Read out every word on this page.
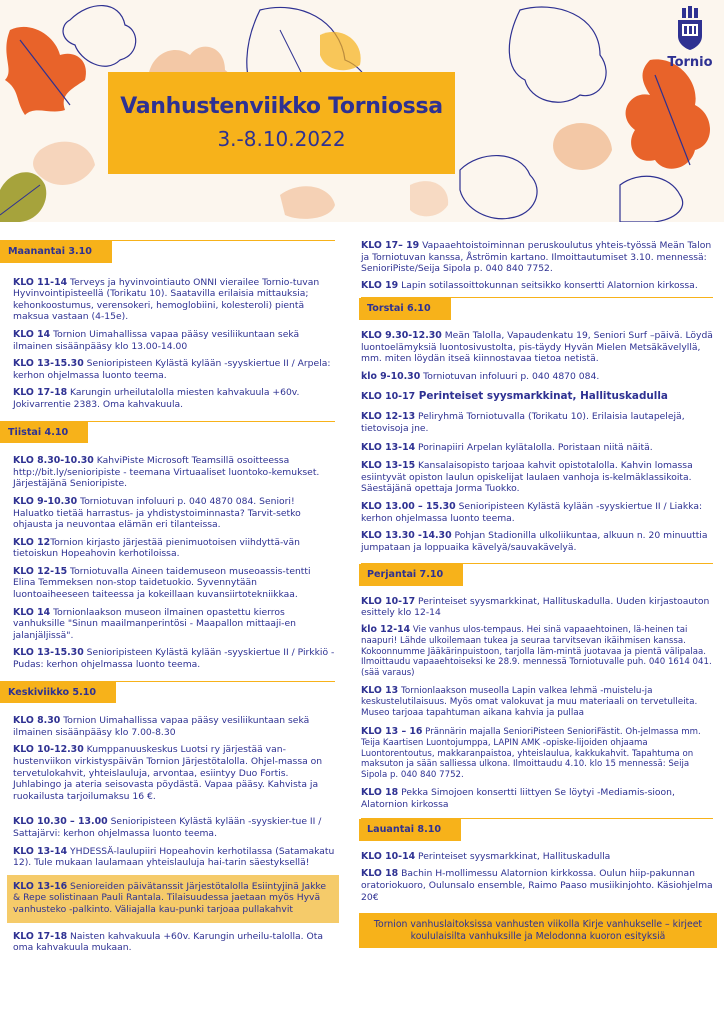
Vanhustenviikko Torniossa
3.-8.10.2022
Tornio
Maanantai 3.10

KLO 11-14 Terveys ja hyvinvointiauto ONNI vierailee Tornio-tuvan Hyvinvointipisteellä (Torikatu 10). Saatavilla erilaisia mittauksia; kehonkoostumus, verensokeri, hemoglobiini, kolesteroli) pientä maksua vastaan (4-15e).

KLO 14 Tornion Uimahallissa vapaa pääsy vesiliikuntaan sekä ilmainen sisäänpääsy klo 13.00-14.00

KLO 13-15.30 Senioripisteen Kylästä kylään -syyskiertue II / Arpela: kerhon ohjelmassa luonto teema.

KLO 17-18 Karungin urheilutalolla miesten kahvakuula +60v. Jokivarrentie 2383. Oma kahvakuula.

Tiistai 4.10

KLO 8.30-10.30 KahviPiste Microsoft Teamsillä osoitteessa http://bit.ly/senioripiste - teemana Virtuaaliset luontoko-kemukset. Järjestäjänä Senioripiste.

KLO 9-10.30 Torniotuvan infoluuri p. 040 4870 084. Seniori! Haluatko tietää harrastus- ja yhdistystoiminnasta? Tarvit-setko ohjausta ja neuvontaa elämän eri tilanteissa.

KLO 12Tornion kirjasto järjestää pienimuotoisen viihdyttä-vän tietoiskun Hopeahovin kerhotiloissa.

KLO 12-15 Torniotuvalla Aineen taidemuseon museoassis-tentti Elina Temmeksen non-stop taidetuokio. Syvennytään luontoaiheeseen taiteessa ja kokeillaan kuvansiirtotekniikkaa.

KLO 14 Tornionlaakson museon ilmainen opastettu kierros vanhuksille "Sinun maailmanperintösi - Maapallon mittaaji-en jalanjäljissä".

KLO 13-15.30 Senioripisteen Kylästä kylään -syyskiertue II / Pirkkiö - Pudas: kerhon ohjelmassa luonto teema.

Keskiviikko 5.10

KLO 8.30 Tornion Uimahallissa vapaa pääsy vesiliikuntaan sekä ilmainen sisäänpääsy klo 7.00-8.30

KLO 10-12.30 Kumppanuuskeskus Luotsi ry järjestää van-hustenviikon virkistyspäivän Tornion Järjestötalolla. Ohjel-massa on tervetulokahvit, yhteislauluja, arvontaa, esiintyy Duo Fortis. Juhlabingo ja ateria seisovasta pöydästä. Vapaa pääsy. Kahvista ja ruokailusta tarjoilumaksu 16 €.

KLO 10.30 – 13.00 Senioripisteen Kylästä kylään -syyskier-tue II / Sattajärvi: kerhon ohjelmassa luonto teema.

KLO 13-14 YHDESSÄ-laulupiiri Hopeahovin kerhotilassa (Satamakatu 12). Tule mukaan laulamaan yhteislauluja hai-tarin säestyksellä!

KLO 13-16 Senioreiden päivätanssit Järjestötalolla Esiintyjinä Jakke & Repe solistinaan Pauli Rantala. Tilaisuudessa jaetaan myös Hyvä vanhusteko -palkinto. Väliajalla kau-punki tarjoaa pullakahvit

KLO 17-18 Naisten kahvakuula +60v. Karungin urheilu-talolla. Ota oma kahvakuula mukaan.

KLO 17– 19 Vapaaehtoistoiminnan peruskoulutus yhteis-työssä Meän Talon ja Torniotuvan kanssa, Åströmin kartano. Ilmoittautumiset 3.10. mennessä: SenioriPiste/Seija Sipola p. 040 840 7752.

KLO 19 Lapin sotilassoittokunnan seitsikko konsertti Alatornion kirkossa.

Torstai 6.10

KLO 9.30-12.30 Meän Talolla, Vapaudenkatu 19, Seniori Surf –päivä. Löydä luontoelämyksiä luontosivustolta, pis-täydy Hyvän Mielen Metsäkävelyllä, mm. miten löydän itseä kiinnostavaa tietoa netistä.

klo 9-10.30 Torniotuvan infoluuri p. 040 4870 084.

KLO 10-17 Perinteiset syysmarkkinat, Hallituskadulla

KLO 12-13 Peliryhmä Torniotuvalla (Torikatu 10). Erilaisia lautapelejä, tietovisoja jne.

KLO 13-14 Porinapiiri Arpelan kylätalolla. Poristaan niitä näitä.

KLO 13-15 Kansalaisopisto tarjoaa kahvit opistotalolla. Kahvin lomassa esiintyvät opiston laulun opiskelijat laulaen vanhoja is-kelmäklassikoita. Säestäjänä opettaja Jorma Tuokko.

KLO 13.00 – 15.30 Senioripisteen Kylästä kylään -syyskiertue II / Liakka: kerhon ohjelmassa luonto teema.

KLO 13.30 -14.30 Pohjan Stadionilla ulkoliikuntaa, alkuun n. 20 minuuttia jumpataan ja loppuaika kävelyä/sauvakävelyä.

Perjantai 7.10

KLO 10-17 Perinteiset syysmarkkinat, Hallituskadulla. Uuden kirjastoauton esittely klo 12-14

klo 12-14 Vie vanhus ulos-tempaus. Hei sinä vapaaehtoinen, lä-heinen tai naapuri! Lähde ulkoilemaan tukea ja seuraa tarvitsevan ikäihmisen kanssa. Kokoonnumme Jääkärinpuistoon, tarjolla läm-mintä juotavaa ja pientä välipalaa. Ilmoittaudu vapaaehtoiseksi ke 28.9. mennessä Torniotuvalle puh. 040 1614 041. (sää varaus)

KLO 13 Tornionlaakson museolla Lapin valkea lehmä -muistelu-ja keskustelutilaisuus. Myös omat valokuvat ja muu materiaali on tervetulleita. Museo tarjoaa tapahtuman aikana kahvia ja pullaa

KLO 13 – 16 Prännärin majalla SenioriPisteen SenioriFästit. Oh-jelmassa mm. Teija Kaartisen Luontojumppa, LAPIN AMK -opiske-lijoiden ohjaama Luontorentoutus, makkaranpaistoa, yhteislaulua, kakkukahvit. Tapahtuma on maksuton ja sään salliessa ulkona. Ilmoittaudu 4.10. klo 15 mennessä: Seija Sipola p. 040 840 7752.

KLO 18 Pekka Simojoen konsertti liittyen Se löytyi -Mediamis-sioon, Alatornion kirkossa

Lauantai 8.10

KLO 10-14 Perinteiset syysmarkkinat, Hallituskadulla

KLO 18 Bachin H-mollimessu Alatornion kirkkossa. Oulun hiip-pakunnan oratoriokuoro, Oulunsalo ensemble, Raimo Paaso musiikinjohto. Käsiohjelma 20€

Tornion vanhuslaitoksissa vanhusten viikolla Kirje vanhukselle – kirjeet koululaisilta vanhuksille ja Melodonna kuoron esityksiä
